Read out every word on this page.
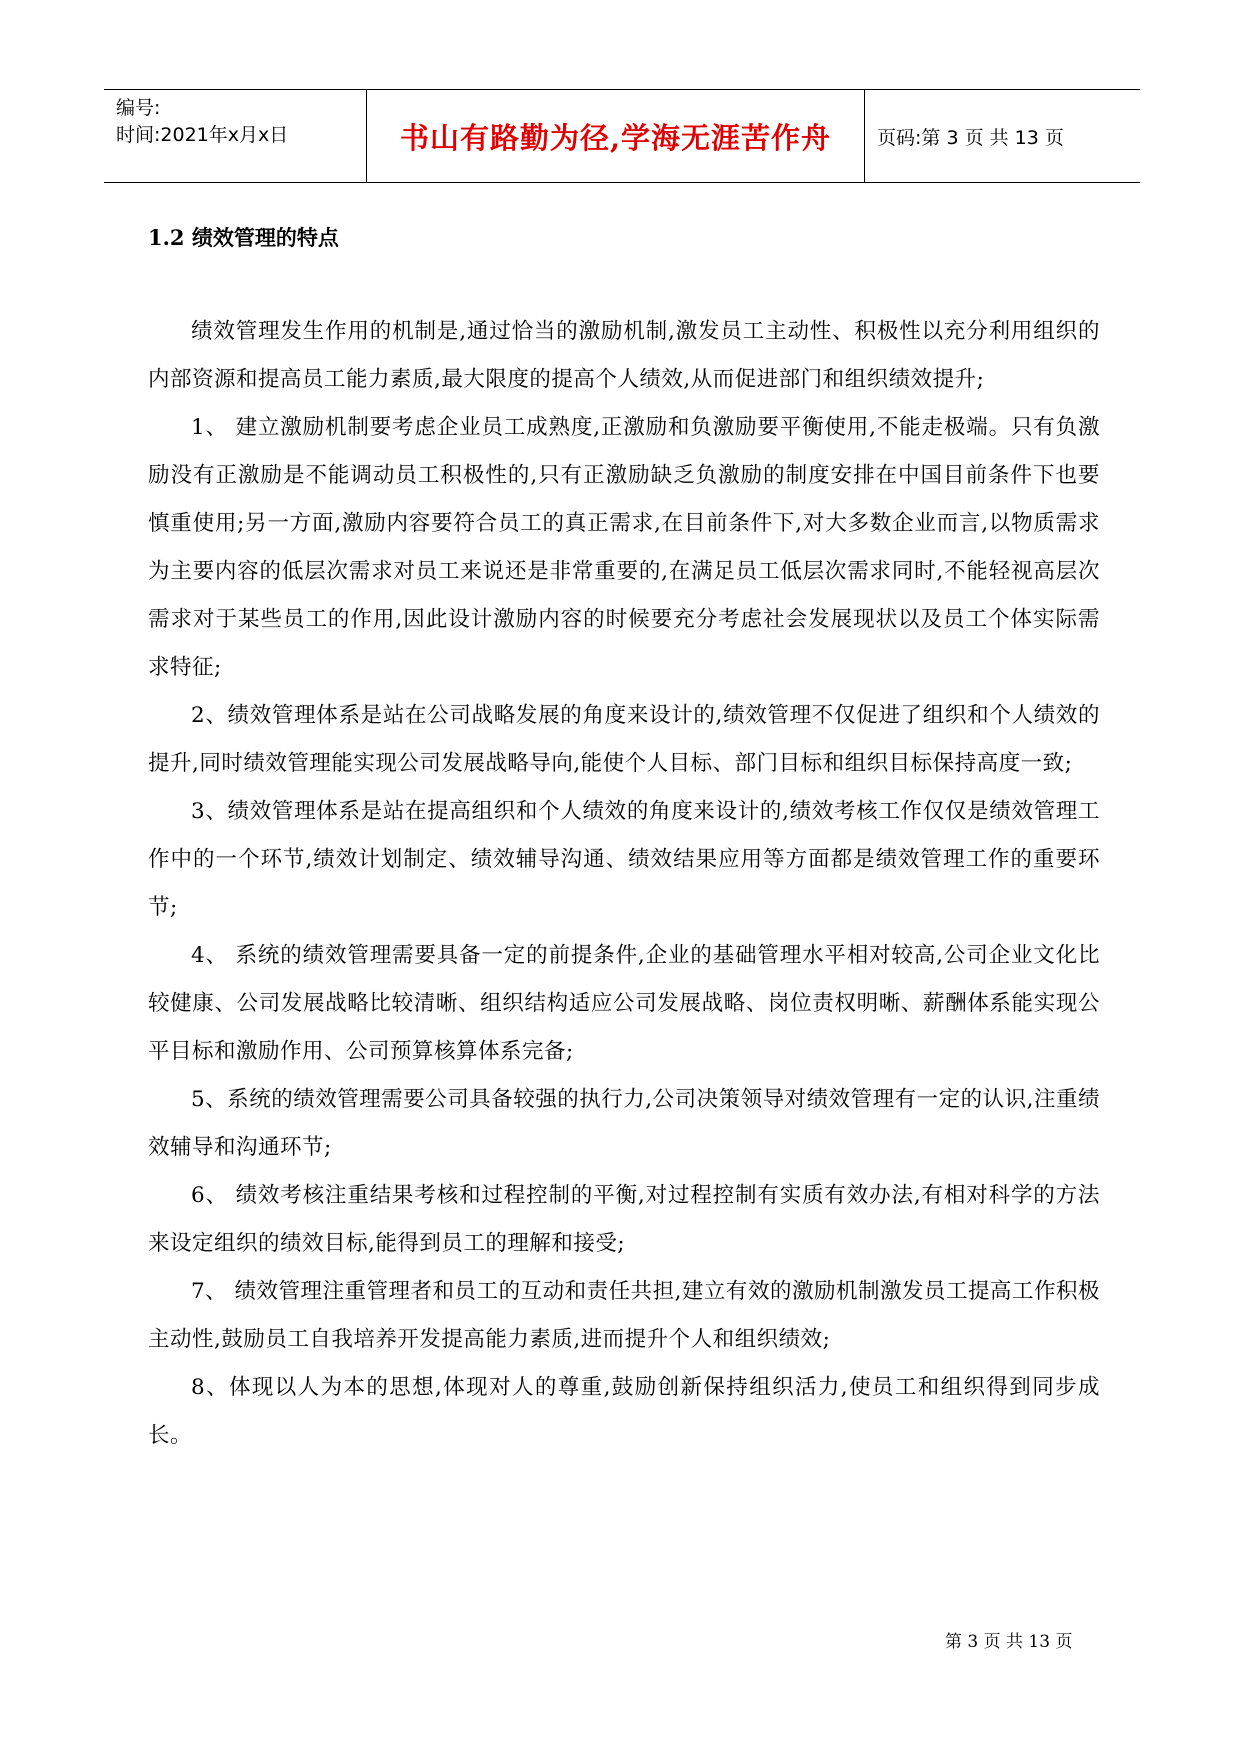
编号:
时间:2021年x月x日	书山有路勤为径,学海无涯苦作舟	页码:第 3 页 共 13 页
1.2 绩效管理的特点

绩效管理发生作用的机制是,通过恰当的激励机制,激发员工主动性、积极性以充分利用组织的内部资源和提高员工能力素质,最大限度的提高个人绩效,从而促进部门和组织绩效提升;

1、 建立激励机制要考虑企业员工成熟度,正激励和负激励要平衡使用,不能走极端。只有负激励没有正激励是不能调动员工积极性的,只有正激励缺乏负激励的制度安排在中国目前条件下也要慎重使用;另一方面,激励内容要符合员工的真正需求,在目前条件下,对大多数企业而言,以物质需求为主要内容的低层次需求对员工来说还是非常重要的,在满足员工低层次需求同时,不能轻视高层次需求对于某些员工的作用,因此设计激励内容的时候要充分考虑社会发展现状以及员工个体实际需求特征;

2、绩效管理体系是站在公司战略发展的角度来设计的,绩效管理不仅促进了组织和个人绩效的提升,同时绩效管理能实现公司发展战略导向,能使个人目标、部门目标和组织目标保持高度一致;

3、绩效管理体系是站在提高组织和个人绩效的角度来设计的,绩效考核工作仅仅是绩效管理工作中的一个环节,绩效计划制定、绩效辅导沟通、绩效结果应用等方面都是绩效管理工作的重要环节;

4、 系统的绩效管理需要具备一定的前提条件,企业的基础管理水平相对较高,公司企业文化比较健康、公司发展战略比较清晰、组织结构适应公司发展战略、岗位责权明晰、薪酬体系能实现公平目标和激励作用、公司预算核算体系完备;

5、系统的绩效管理需要公司具备较强的执行力,公司决策领导对绩效管理有一定的认识,注重绩效辅导和沟通环节;

6、 绩效考核注重结果考核和过程控制的平衡,对过程控制有实质有效办法,有相对科学的方法来设定组织的绩效目标,能得到员工的理解和接受;

7、 绩效管理注重管理者和员工的互动和责任共担,建立有效的激励机制激发员工提高工作积极主动性,鼓励员工自我培养开发提高能力素质,进而提升个人和组织绩效;

8、体现以人为本的思想,体现对人的尊重,鼓励创新保持组织活力,使员工和组织得到同步成长。

第 3 页 共 13 页
